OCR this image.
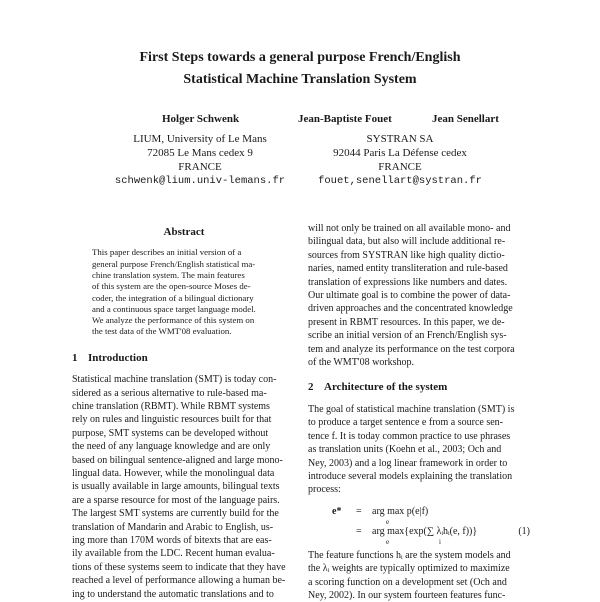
First Steps towards a general purpose French/English
Statistical Machine Translation System
Holger Schwenk	Jean-Baptiste Fouet	Jean Senellart
LIUM, University of Le Mans
72085 Le Mans cedex 9
FRANCE
schwenk@lium.univ-lemans.fr
SYSTRAN SA
92044 Paris La Défense cedex
FRANCE
fouet,senellart@systran.fr
Abstract
This paper describes an initial version of a
general purpose French/English statistical ma-
chine translation system. The main features
of this system are the open-source Moses de-
coder, the integration of a bilingual dictionary
and a continuous space target language model.
We analyze the performance of this system on
the test data of the WMT'08 evaluation.
1 Introduction
Statistical machine translation (SMT) is today con-
sidered as a serious alternative to rule-based ma-
chine translation (RBMT). While RBMT systems
rely on rules and linguistic resources built for that
purpose, SMT systems can be developed without
the need of any language knowledge and are only
based on bilingual sentence-aligned and large mono-
lingual data. However, while the monolingual data
is usually available in large amounts, bilingual texts
are a sparse resource for most of the language pairs.
The largest SMT systems are currently build for the
translation of Mandarin and Arabic to English, us-
ing more than 170M words of bitexts that are eas-
ily available from the LDC. Recent human evalua-
tions of these systems seem to indicate that they have
reached a level of performance allowing a human be-
ing to understand the automatic translations and to
will not only be trained on all available mono- and
bilingual data, but also will include additional re-
sources from SYSTRAN like high quality dictio-
naries, named entity transliteration and rule-based
translation of expressions like numbers and dates.
Our ultimate goal is to combine the power of data-
driven approaches and the concentrated knowledge
present in RBMT resources. In this paper, we de-
scribe an initial version of an French/English sys-
tem and analyze its performance on the test corpora
of the WMT'08 workshop.
2 Architecture of the system
The goal of statistical machine translation (SMT) is
to produce a target sentence e from a source sen-
tence f. It is today common practice to use phrases
as translation units (Koehn et al., 2003; Och and
Ney, 2003) and a log linear framework in order to
introduce several models explaining the translation
process:
e* = arg max p(e|f)
e
= arg max{exp(∑ λᵢhᵢ(e, f))}
e	i
(1)
The feature functions hᵢ are the system models and
the λᵢ weights are typically optimized to maximize
a scoring function on a development set (Och and
Ney, 2002). In our system fourteen features func-
